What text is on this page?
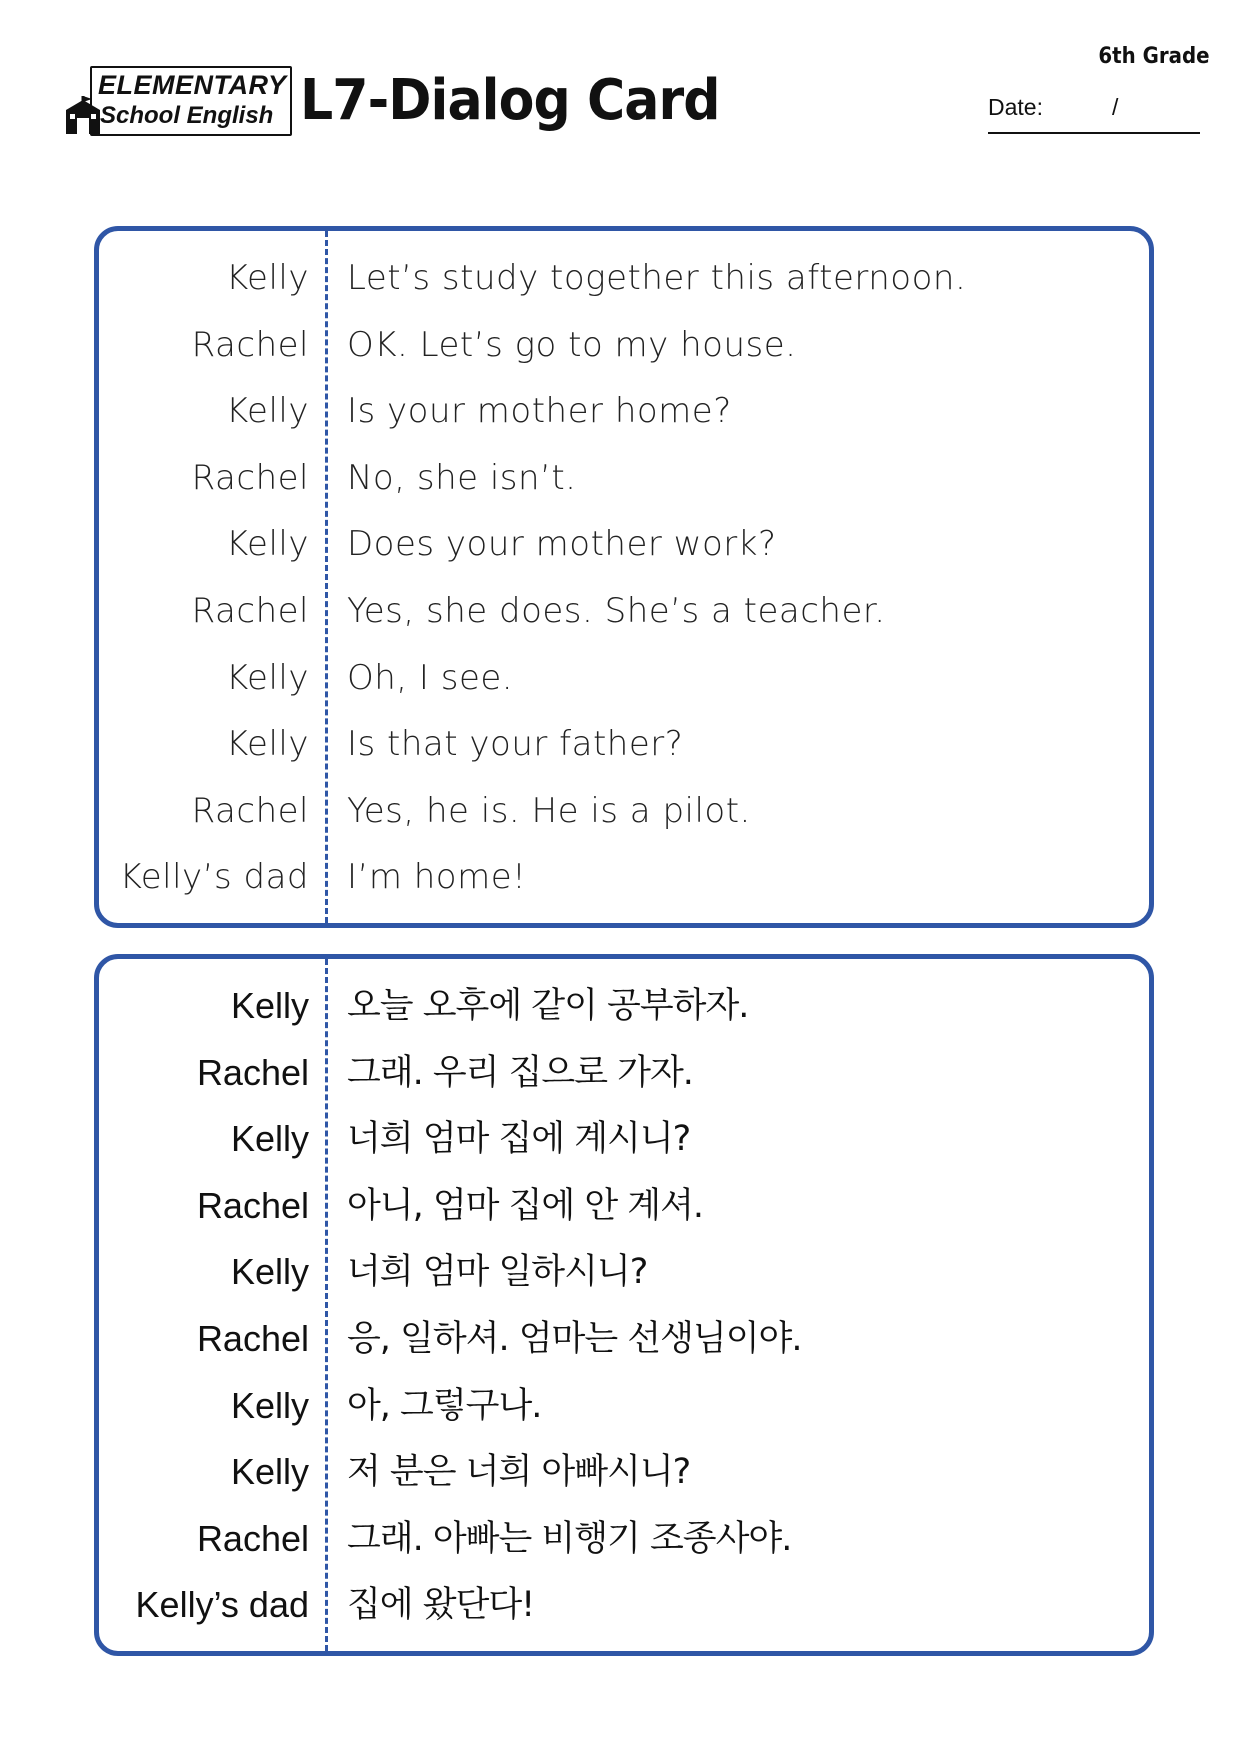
ELEMENTARY
School English L7-Dialog Card
6th Grade
Date:	/
Kelly Let’s study together this afternoon.
Rachel OK. Let’s go to my house.
Kelly Is your mother home?
Rachel No, she isn’t.
Kelly Does your mother work?
Rachel Yes, she does. She’s a teacher.
Kelly Oh, I see.
Kelly Is that your father?
Rachel Yes, he is. He is a pilot.
Kelly’s dad I’m home!
Kelly 오늘 오후에 같이 공부하자.
Rachel 그래. 우리 집으로 가자.
Kelly 너희 엄마 집에 계시니?
Rachel 아니, 엄마 집에 안 계셔.
Kelly 너희 엄마 일하시니?
Rachel 응, 일하셔. 엄마는 선생님이야.
Kelly 아, 그렇구나.
Kelly 저 분은 너희 아빠시니?
Rachel 그래. 아빠는 비행기 조종사야.
Kelly’s dad 집에 왔단다!
